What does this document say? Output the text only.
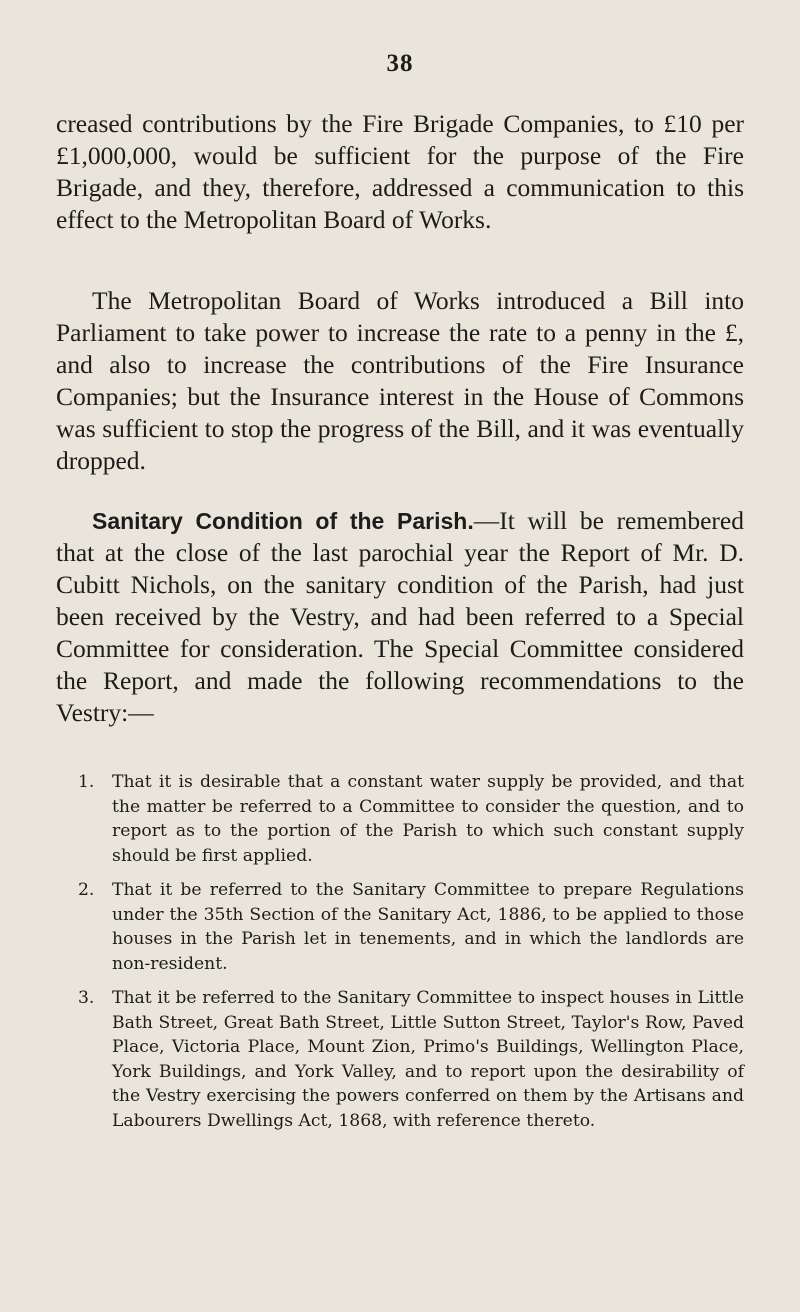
38

creased contributions by the Fire Brigade Companies, to £10 per £1,000,000, would be sufficient for the purpose of the Fire Brigade, and they, therefore, addressed a communication to this effect to the Metropolitan Board of Works.

The Metropolitan Board of Works introduced a Bill into Parliament to take power to increase the rate to a penny in the £, and also to increase the contributions of the Fire Insurance Companies; but the Insurance interest in the House of Commons was sufficient to stop the progress of the Bill, and it was eventually dropped.

Sanitary Condition of the Parish.—It will be remembered that at the close of the last parochial year the Report of Mr. D. Cubitt Nichols, on the sanitary condition of the Parish, had just been received by the Vestry, and had been referred to a Special Committee for consideration. The Special Committee considered the Report, and made the following recommendations to the Vestry:—

1. That it is desirable that a constant water supply be provided, and that the matter be referred to a Committee to consider the question, and to report as to the portion of the Parish to which such constant supply should be first applied.
2. That it be referred to the Sanitary Committee to prepare Regulations under the 35th Section of the Sanitary Act, 1886, to be applied to those houses in the Parish let in tenements, and in which the landlords are non-resident.
3. That it be referred to the Sanitary Committee to inspect houses in Little Bath Street, Great Bath Street, Little Sutton Street, Taylor's Row, Paved Place, Victoria Place, Mount Zion, Primo's Buildings, Wellington Place, York Buildings, and York Valley, and to report upon the desirability of the Vestry exercising the powers conferred on them by the Artisans and Labourers Dwellings Act, 1868, with reference thereto.
